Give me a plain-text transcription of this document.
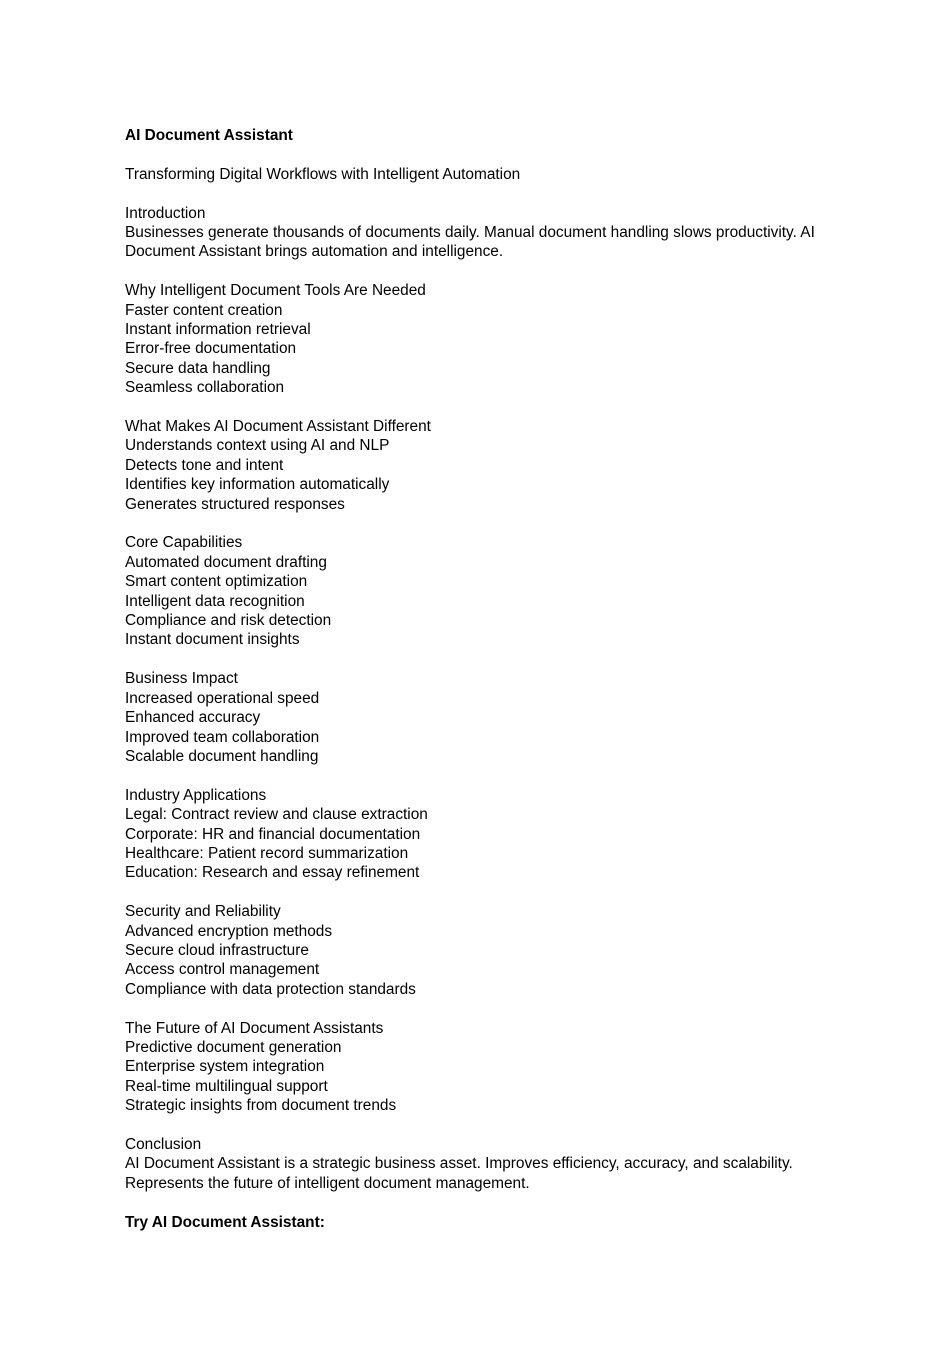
AI Document Assistant
Transforming Digital Workflows with Intelligent Automation
Introduction
Businesses generate thousands of documents daily. Manual document handling slows productivity. AI Document Assistant brings automation and intelligence.
Why Intelligent Document Tools Are Needed
Faster content creation
Instant information retrieval
Error-free documentation
Secure data handling
Seamless collaboration
What Makes AI Document Assistant Different
Understands context using AI and NLP
Detects tone and intent
Identifies key information automatically
Generates structured responses
Core Capabilities
Automated document drafting
Smart content optimization
Intelligent data recognition
Compliance and risk detection
Instant document insights
Business Impact
Increased operational speed
Enhanced accuracy
Improved team collaboration
Scalable document handling
Industry Applications
Legal: Contract review and clause extraction
Corporate: HR and financial documentation
Healthcare: Patient record summarization
Education: Research and essay refinement
Security and Reliability
Advanced encryption methods
Secure cloud infrastructure
Access control management
Compliance with data protection standards
The Future of AI Document Assistants
Predictive document generation
Enterprise system integration
Real-time multilingual support
Strategic insights from document trends
Conclusion
AI Document Assistant is a strategic business asset. Improves efficiency, accuracy, and scalability. Represents the future of intelligent document management.
Try AI Document Assistant:
